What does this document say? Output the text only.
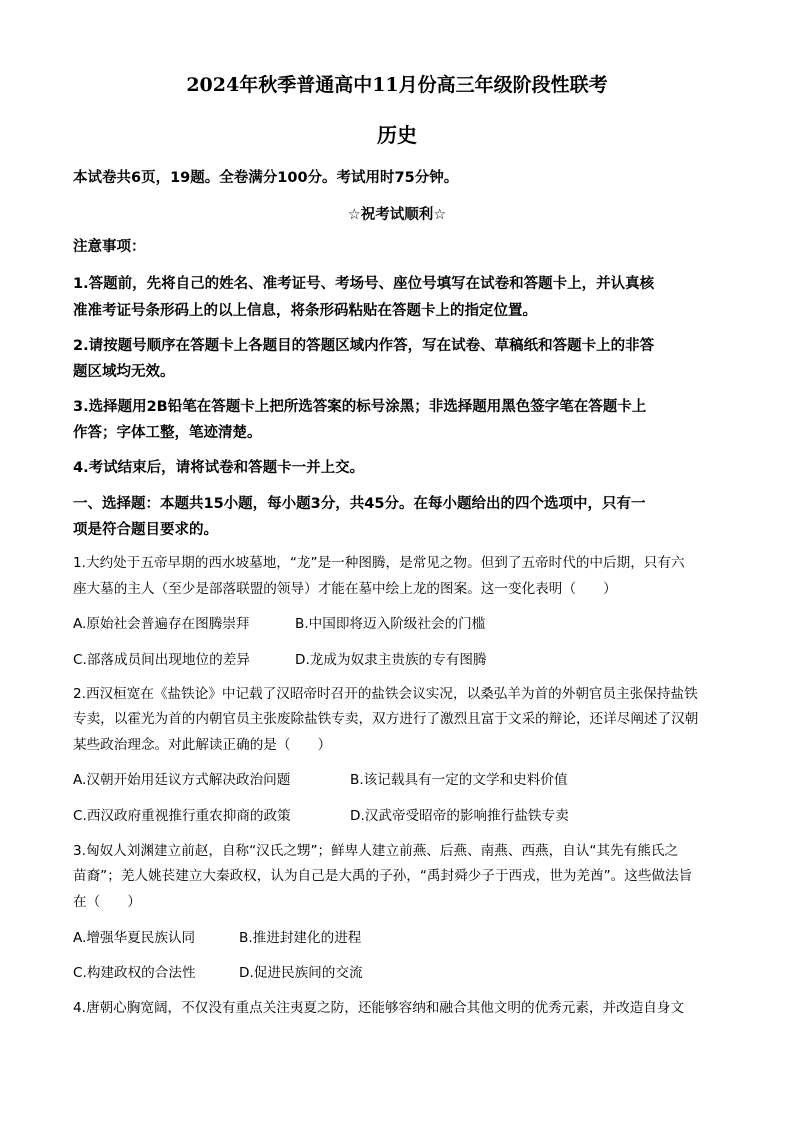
2024年秋季普通高中11月份高三年级阶段性联考
历史
本试卷共6页，19题。全卷满分100分。考试用时75分钟。
☆祝考试顺利☆
注意事项：
1.答题前，先将自己的姓名、准考证号、考场号、座位号填写在试卷和答题卡上，并认真核
准准考证号条形码上的以上信息，将条形码粘贴在答题卡上的指定位置。
2.请按题号顺序在答题卡上各题目的答题区域内作答，写在试卷、草稿纸和答题卡上的非答
题区域均无效。
3.选择题用2B铅笔在答题卡上把所选答案的标号涂黑；非选择题用黑色签字笔在答题卡上
作答；字体工整，笔迹清楚。
4.考试结束后，请将试卷和答题卡一并上交。
一、选择题：本题共15小题，每小题3分，共45分。在每小题给出的四个选项中，只有一
项是符合题目要求的。
1.大约处于五帝早期的西水坡墓地，“龙”是一种图腾，是常见之物。但到了五帝时代的中后期，只有六
座大墓的主人（至少是部落联盟的领导）才能在墓中绘上龙的图案。这一变化表明（　　）
A.原始社会普遍存在图腾崇拜	B.中国即将迈入阶级社会的门槛
C.部落成员间出现地位的差异	D.龙成为奴隶主贵族的专有图腾
2.西汉桓宽在《盐铁论》中记载了汉昭帝时召开的盐铁会议实况，以桑弘羊为首的外朝官员主张保持盐铁
专卖，以霍光为首的内朝官员主张废除盐铁专卖，双方进行了激烈且富于文采的辩论，还详尽阐述了汉朝
某些政治理念。对此解读正确的是（　　）
A.汉朝开始用廷议方式解决政治问题	B.该记载具有一定的文学和史料价值
C.西汉政府重视推行重农抑商的政策	D.汉武帝受昭帝的影响推行盐铁专卖
3.匈奴人刘渊建立前赵，自称“汉氏之甥”；鲜卑人建立前燕、后燕、南燕、西燕，自认“其先有熊氏之
苗裔”；羌人姚苌建立大秦政权，认为自己是大禹的子孙，“禹封舜少子于西戎，世为羌酋”。这些做法旨
在（　　）
A.增强华夏民族认同	B.推进封建化的进程
C.构建政权的合法性	D.促进民族间的交流
4.唐朝心胸宽阔，不仅没有重点关注夷夏之防，还能够容纳和融合其他文明的优秀元素，并改造自身文
